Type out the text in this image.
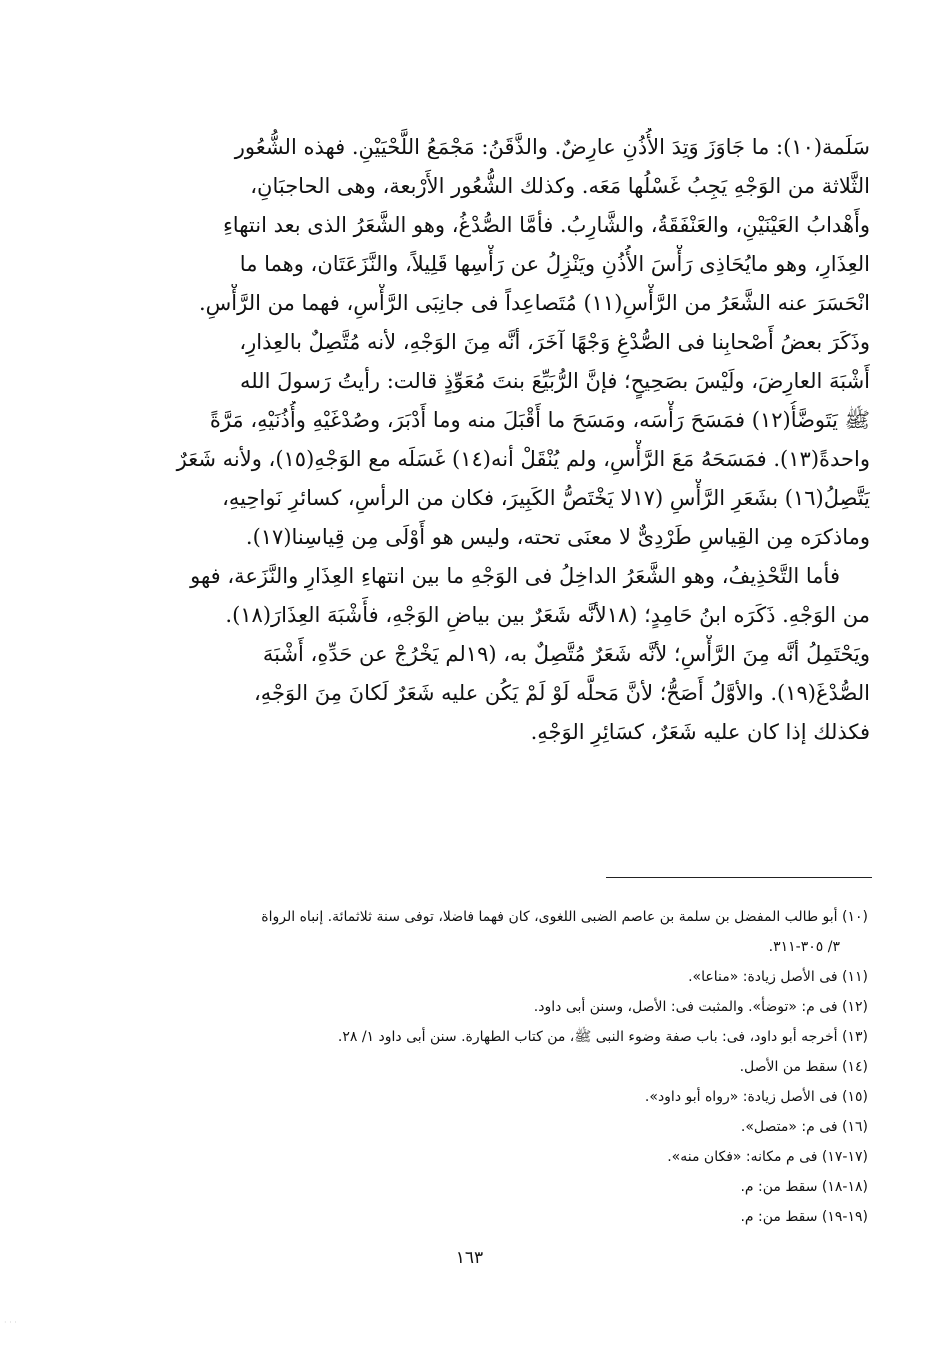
سَلَمة(١٠): ما جَاوَزَ وَتِدَ الأُذُنِ عارِضٌ. والذَّقَنُ: مَجْمَعُ اللَّحْيَيْنِ. فهذه الشُّعُور
الثَّلاثة من الوَجْهِ يَجِبُ غَسْلُها مَعَه. وكذلك الشُّعُور الأَرْبعة، وهى الحاجبَانِ،
وأَهْدابُ العَيْنَيْنِ، والعَنْفَقَةُ، والشَّارِبُ. فأمَّا الصُّدْغُ، وهو الشَّعَرُ الذى بعد انتهاءِ
العِذَارِ، وهو مايُحَاذِى رَأْسَ الأُذُنِ ويَنْزِلُ عن رَأْسِها قَلِيلاً، والنَّزَعَتَان، وهما ما
انْحَسَرَ عنه الشَّعَرُ من الرَّأْسِ(١١) مُتَصاعِداً فى جانِبَى الرَّأْسِ، فهما من الرَّأْسِ.
وذَكَرَ بعضُ أَصْحابِنا فى الصُّدْغِ وَجْهًا آخَرَ، أنَّه مِنَ الوَجْهِ، لأنه مُتَّصِلٌ بالعِذارِ،
أَشْبَهَ العارِضَ، ولَيْسَ بصَحِيحٍ؛ فإنَّ الرُّبَيِّعَ بنتَ مُعَوِّذٍ قالت: رأيتُ رَسولَ الله
ﷺ يَتَوضَّأُ(١٢) فمَسَحَ رَأْسَه، ومَسَحَ ما أَقْبَلَ منه وما أَدْبَرَ، وصُدْغَيْهِ وأُذُنَيْهِ، مَرَّةً
واحدةً(١٣). فمَسَحَهُ مَعَ الرَّأْسِ، ولم يُنْقَلْ أنه(١٤) غَسَلَه مع الوَجْهِ(١٥)، ولأنه شَعَرٌ
يَتَّصِلُ(١٦) بشَعَرِ الرَّأْسِ (١٧لا يَخْتَصُّ الكَبِيرَ، فكان من الرأسِ، كسائرِ نَواحِيهِ،
وماذكرَه مِن القِياسِ طَرْدِىٌّ لا معنَى تحته، وليس هو أَوْلَى مِن قِياسِنا(١٧).
فأما التَّحْذِيفُ، وهو الشَّعَرُ الداخِلُ فى الوَجْهِ ما بين انتهاءِ العِذَارِ والنَّزَعة، فهو
من الوَجْهِ. ذَكَرَه ابنُ حَامِدٍ؛ (١٨لأنَّه شَعَرٌ بين بياضِ الوَجْهِ، فأَشْبَهَ العِذَارَ(١٨).
ويَحْتَمِلُ أنَّه مِنَ الرَّأْسِ؛ لأنَّه شَعَرٌ مُتَّصِلٌ به، (١٩لم يَخْرُجْ عن حَدِّهِ، أَشْبَهَ
الصُّدْغَ(١٩). والأوَّلُ أَصَحُّ؛ لأنَّ مَحلَّه لَوْ لَمْ يَكُن عليه شَعَرٌ لَكانَ مِنَ الوَجْهِ،
فكذلك إذا كان عليه شَعَرٌ، كسَائِرِ الوَجْهِ.
(١٠) أبو طالب المفضل بن سلمة بن عاصم الضبى اللغوى، كان فهما فاضلا، توفى سنة ثلاثمائة. إنباه الرواة
٣/ ٣٠٥-٣١١.
(١١) فى الأصل زيادة: «مناعا».
(١٢) فى م: «توضأ». والمثبت فى: الأصل، وسنن أبى داود.
(١٣) أخرجه أبو داود، فى: باب صفة وضوء النبى ﷺ، من كتاب الطهارة. سنن أبى داود ١/ ٢٨.
(١٤) سقط من الأصل.
(١٥) فى الأصل زيادة: «رواه أبو داود».
(١٦) فى م: «متصل».
(١٧-١٧) فى م مكانه: «فكان منه».
(١٨-١٨) سقط من: م.
(١٩-١٩) سقط من: م.
١٦٣
· · ·
